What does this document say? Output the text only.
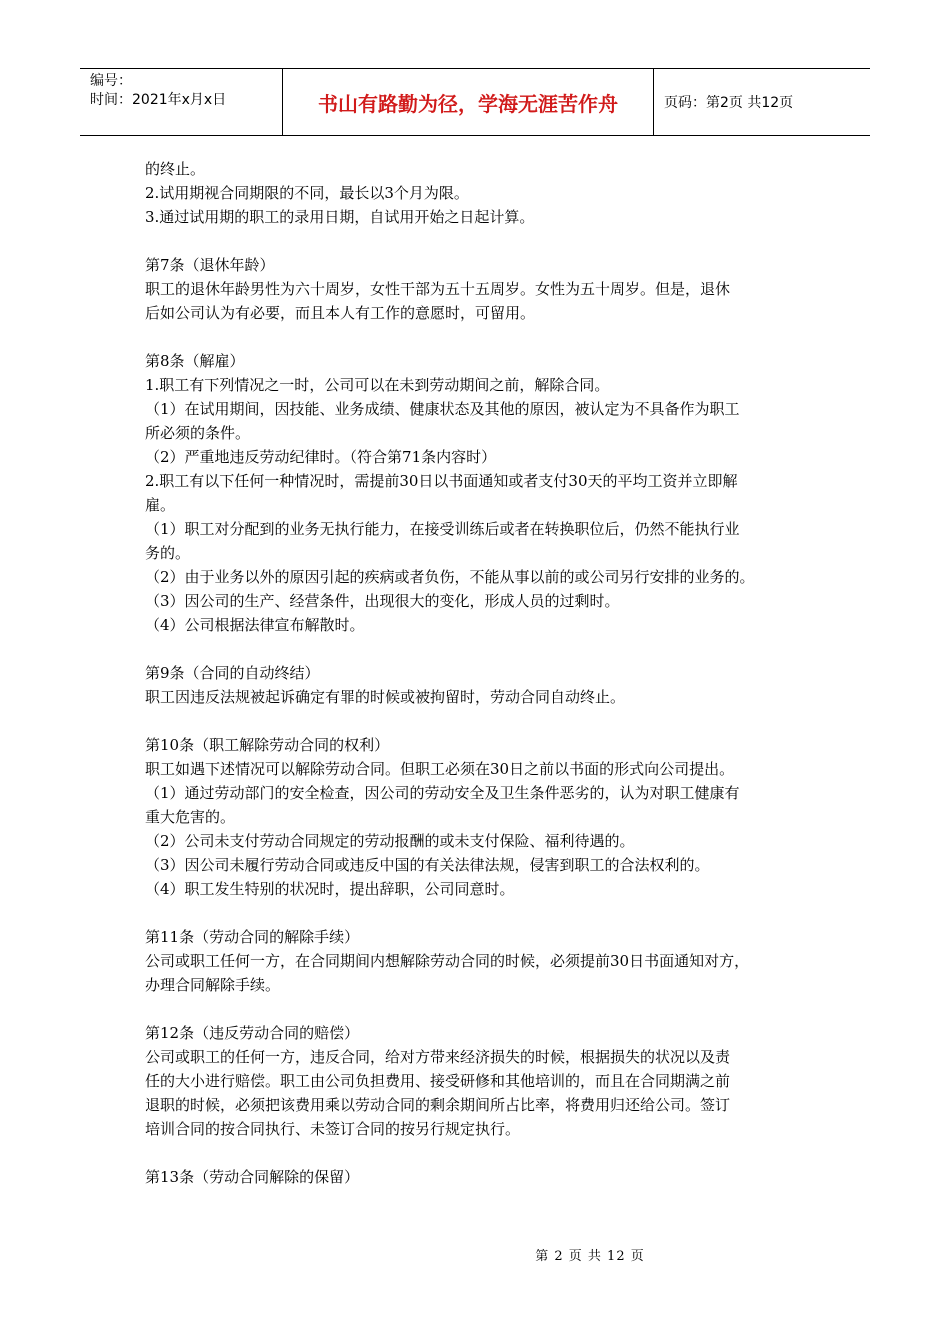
编号：
时间：2021年x月x日	书山有路勤为径，学海无涯苦作舟	页码：第2页 共12页
的终止。
2.试用期视合同期限的不同，最长以3个月为限。
3.通过试用期的职工的录用日期，自试用开始之日起计算。
第7条（退休年龄）
职工的退休年龄男性为六十周岁，女性干部为五十五周岁。女性为五十周岁。但是，退休
后如公司认为有必要，而且本人有工作的意愿时，可留用。
第8条（解雇）
1.职工有下列情况之一时，公司可以在未到劳动期间之前，解除合同。
（1）在试用期间，因技能、业务成绩、健康状态及其他的原因，被认定为不具备作为职工
所必须的条件。
（2）严重地违反劳动纪律时。（符合第71条内容时）
2.职工有以下任何一种情况时，需提前30日以书面通知或者支付30天的平均工资并立即解
雇。
（1）职工对分配到的业务无执行能力，在接受训练后或者在转换职位后，仍然不能执行业
务的。
（2）由于业务以外的原因引起的疾病或者负伤，不能从事以前的或公司另行安排的业务的。
（3）因公司的生产、经营条件，出现很大的变化，形成人员的过剩时。
（4）公司根据法律宣布解散时。
第9条（合同的自动终结）
职工因违反法规被起诉确定有罪的时候或被拘留时，劳动合同自动终止。
第10条（职工解除劳动合同的权利）
职工如遇下述情况可以解除劳动合同。但职工必须在30日之前以书面的形式向公司提出。
（1）通过劳动部门的安全检查，因公司的劳动安全及卫生条件恶劣的，认为对职工健康有
重大危害的。
（2）公司未支付劳动合同规定的劳动报酬的或未支付保险、福利待遇的。
（3）因公司未履行劳动合同或违反中国的有关法律法规，侵害到职工的合法权利的。
（4）职工发生特别的状况时，提出辞职，公司同意时。
第11条（劳动合同的解除手续）
公司或职工任何一方，在合同期间内想解除劳动合同的时候，必须提前30日书面通知对方，
办理合同解除手续。
第12条（违反劳动合同的赔偿）
公司或职工的任何一方，违反合同，给对方带来经济损失的时候，根据损失的状况以及责
任的大小进行赔偿。职工由公司负担费用、接受研修和其他培训的，而且在合同期满之前
退职的时候，必须把该费用乘以劳动合同的剩余期间所占比率，将费用归还给公司。签订
培训合同的按合同执行、未签订合同的按另行规定执行。
第13条（劳动合同解除的保留）
第 2 页 共 12 页
